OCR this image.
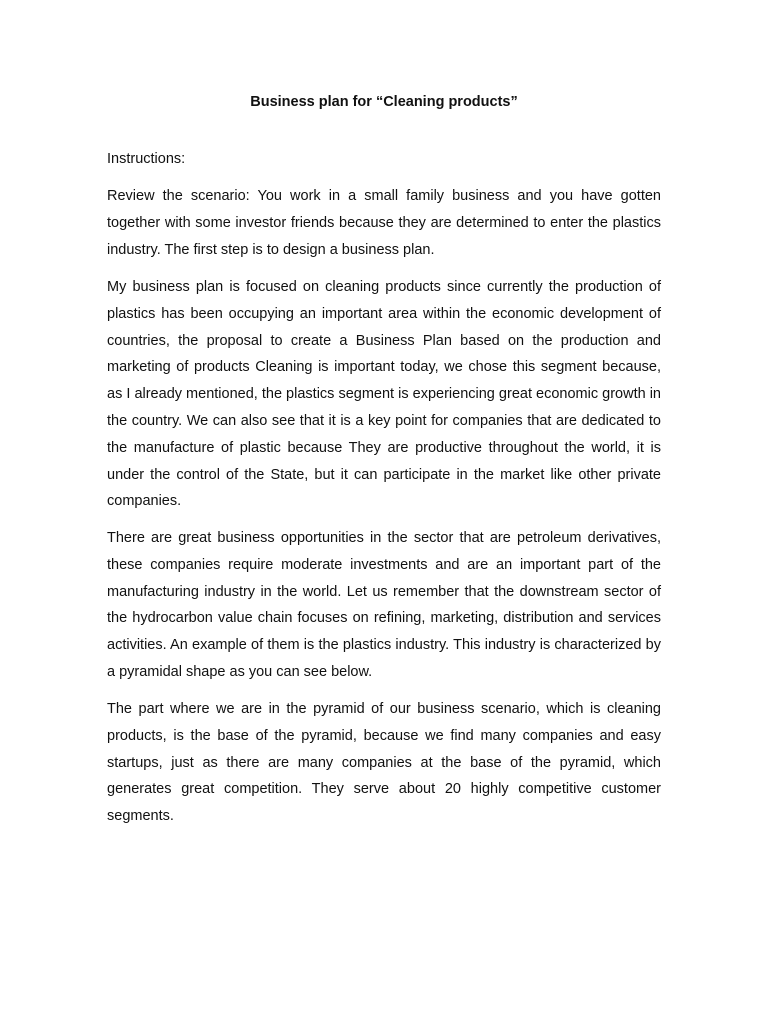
Business plan for “Cleaning products”

Instructions:

Review the scenario: You work in a small family business and you have gotten together with some investor friends because they are determined to enter the plastics industry. The first step is to design a business plan.

My business plan is focused on cleaning products since currently the production of plastics has been occupying an important area within the economic development of countries, the proposal to create a Business Plan based on the production and marketing of products Cleaning is important today, we chose this segment because, as I already mentioned, the plastics segment is experiencing great economic growth in the country. We can also see that it is a key point for companies that are dedicated to the manufacture of plastic because They are productive throughout the world, it is under the control of the State, but it can participate in the market like other private companies.

There are great business opportunities in the sector that are petroleum derivatives, these companies require moderate investments and are an important part of the manufacturing industry in the world. Let us remember that the downstream sector of the hydrocarbon value chain focuses on refining, marketing, distribution and services activities. An example of them is the plastics industry. This industry is characterized by a pyramidal shape as you can see below.

The part where we are in the pyramid of our business scenario, which is cleaning products, is the base of the pyramid, because we find many companies and easy startups, just as there are many companies at the base of the pyramid, which generates great competition. They serve about 20 highly competitive customer segments.
